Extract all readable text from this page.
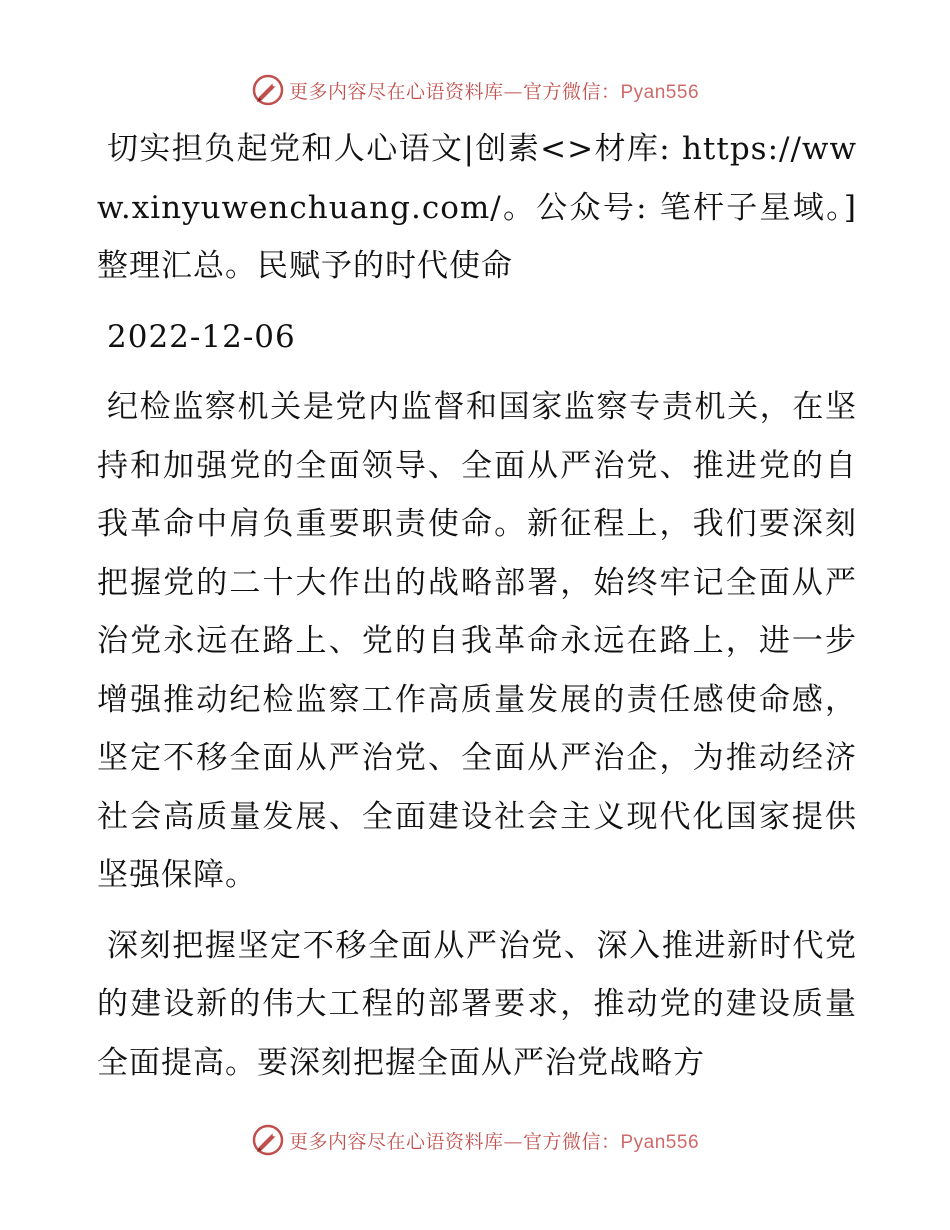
更多内容尽在心语资料库—官方微信：Pyan556

切实担负起党和人心语文|创素<>材库: https://www.xinyuwenchuang.com/。公众号: 笔杆子星域。]整理汇总。民赋予的时代使命

2022-12-06

纪检监察机关是党内监督和国家监察专责机关，在坚持和加强党的全面领导、全面从严治党、推进党的自我革命中肩负重要职责使命。新征程上，我们要深刻把握党的二十大作出的战略部署，始终牢记全面从严治党永远在路上、党的自我革命永远在路上，进一步增强推动纪检监察工作高质量发展的责任感使命感，坚定不移全面从严治党、全面从严治企，为推动经济社会高质量发展、全面建设社会主义现代化国家提供坚强保障。

深刻把握坚定不移全面从严治党、深入推进新时代党的建设新的伟大工程的部署要求，推动党的建设质量全面提高。要深刻把握全面从严治党战略方

更多内容尽在心语资料库—官方微信：Pyan556
